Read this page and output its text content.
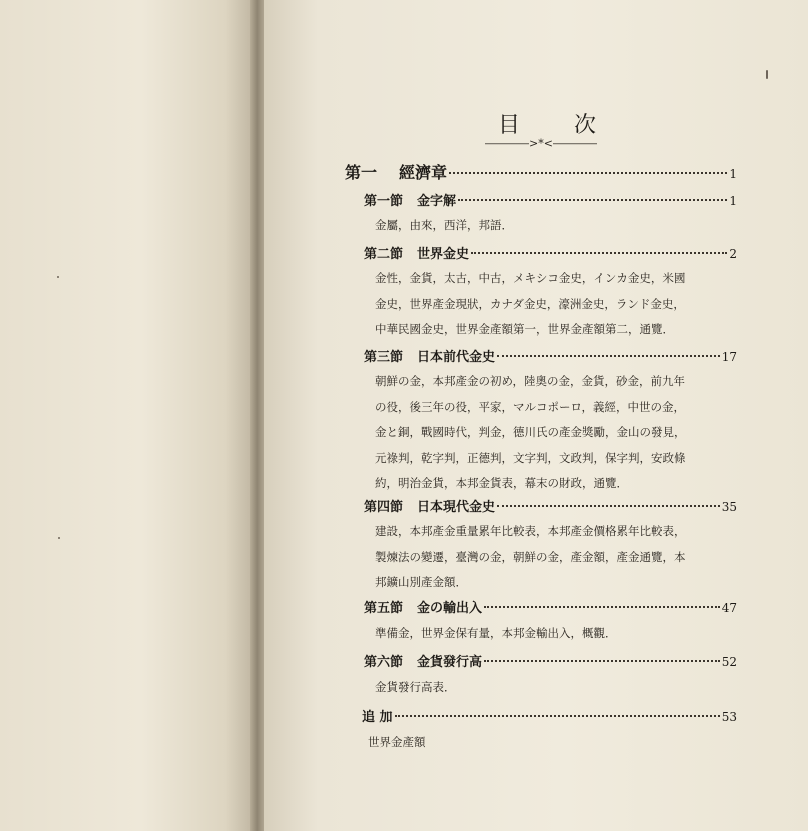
目 次
――――>*<――――
第一 經濟章	1
第一節 金字解	1
金屬，由來，西洋，邦語．
第二節 世界金史	2
金性，金貨，太古，中古，メキシコ金史，インカ金史，米國
金史，世界產金現狀，カナダ金史，濠洲金史，ランド金史，
中華民國金史，世界金產額第一，世界金產額第二，通覽．
第三節 日本前代金史	17
朝鮮の金，本邦產金の初め，陸奧の金，金貨，砂金，前九年
の役，後三年の役，平家，マルコポーロ，義經，中世の金，
金と銅，戰國時代，判金，德川氏の產金獎勵，金山の發見，
元祿判，乾字判，正德判，文字判，文政判，保字判，安政條
約，明治金貨，本邦金貨表，幕末の財政，通覽．
第四節 日本現代金史	35
建設，本邦產金重量累年比較表，本邦產金價格累年比較表，
製煉法の變遷，臺灣の金，朝鮮の金，產金額，產金通覽，本
邦鑛山別產金額．
第五節 金の輸出入	47
準備金，世界金保有量，本邦金輸出入，概觀．
第六節 金貨發行高	52
金貨發行高表．
追 加	53
世界金產額
